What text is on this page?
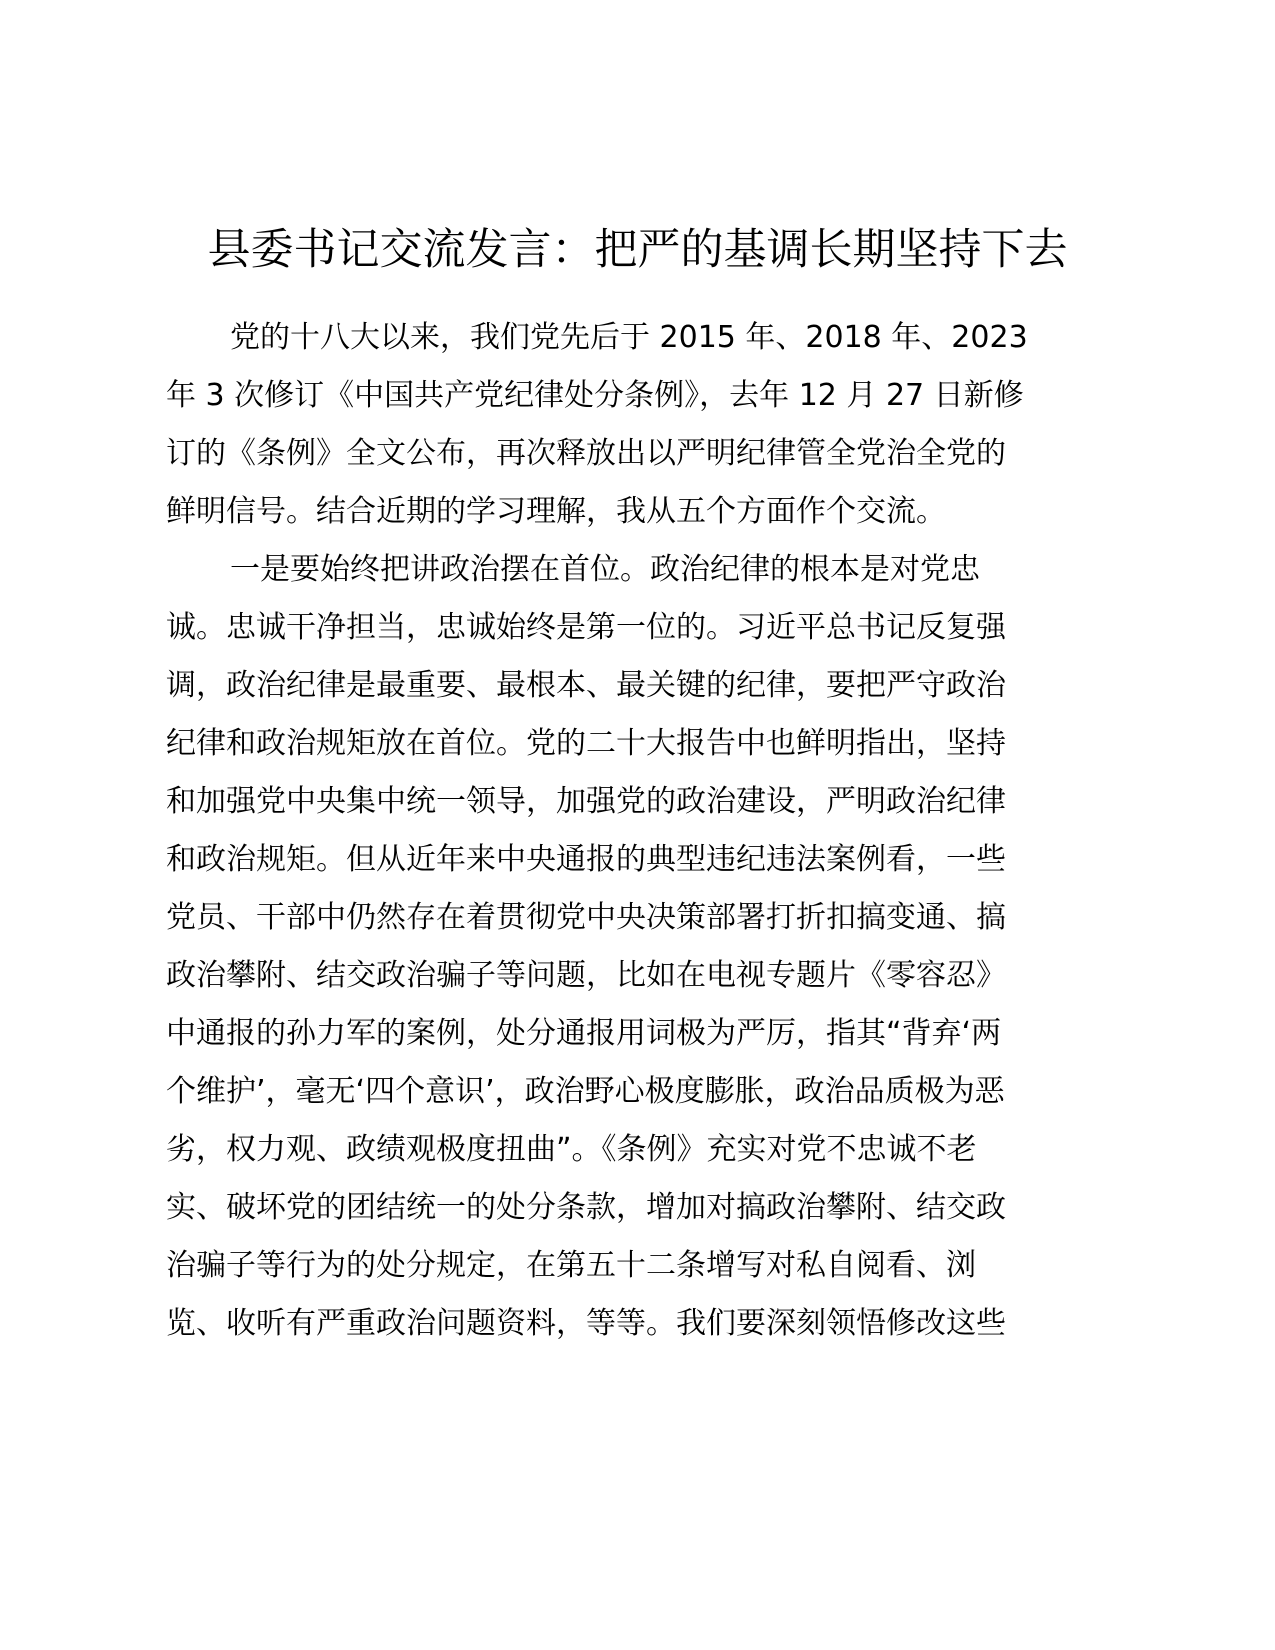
县委书记交流发言：把严的基调长期坚持下去
党的十八大以来，我们党先后于 2015 年、2018 年、2023
年 3 次修订《中国共产党纪律处分条例》，去年 12 月 27 日新修
订的《条例》全文公布，再次释放出以严明纪律管全党治全党的
鲜明信号。结合近期的学习理解，我从五个方面作个交流。
一是要始终把讲政治摆在首位。政治纪律的根本是对党忠
诚。忠诚干净担当，忠诚始终是第一位的。习近平总书记反复强
调，政治纪律是最重要、最根本、最关键的纪律，要把严守政治
纪律和政治规矩放在首位。党的二十大报告中也鲜明指出，坚持
和加强党中央集中统一领导，加强党的政治建设，严明政治纪律
和政治规矩。但从近年来中央通报的典型违纪违法案例看，一些
党员、干部中仍然存在着贯彻党中央决策部署打折扣搞变通、搞
政治攀附、结交政治骗子等问题，比如在电视专题片《零容忍》
中通报的孙力军的案例，处分通报用词极为严厉，指其“背弃‘两
个维护’，毫无‘四个意识’，政治野心极度膨胀，政治品质极为恶
劣，权力观、政绩观极度扭曲”。《条例》充实对党不忠诚不老
实、破坏党的团结统一的处分条款，增加对搞政治攀附、结交政
治骗子等行为的处分规定，在第五十二条增写对私自阅看、浏
览、收听有严重政治问题资料，等等。我们要深刻领悟修改这些
